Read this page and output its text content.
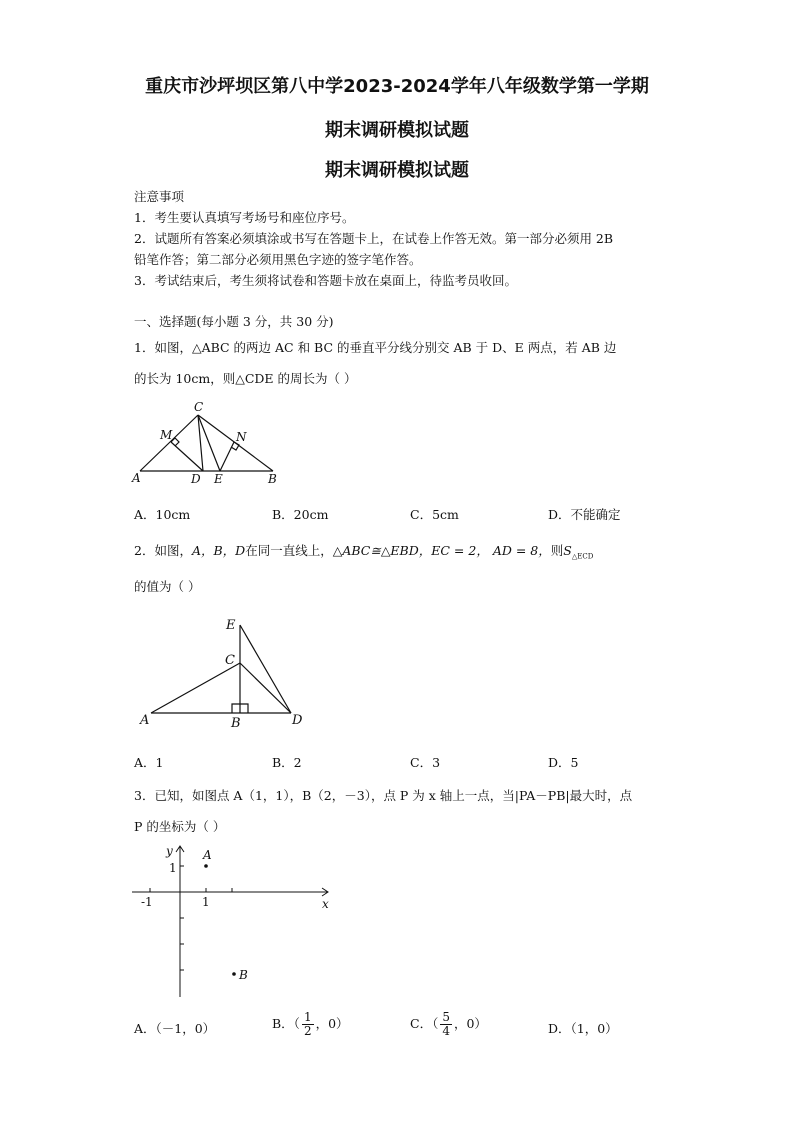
重庆市沙坪坝区第八中学2023-2024学年八年级数学第一学期
期末调研模拟试题
期末调研模拟试题
注意事项
1．考生要认真填写考场号和座位序号。
2．试题所有答案必须填涂或书写在答题卡上，在试卷上作答无效。第一部分必须用 2B
铅笔作答；第二部分必须用黑色字迹的签字笔作答。
3．考试结束后，考生须将试卷和答题卡放在桌面上，待监考员收回。
一、选择题(每小题 3 分，共 30 分)
1．如图，△ABC 的两边 AC 和 BC 的垂直平分线分别交 AB 于 D、E 两点，若 AB 边
的长为 10cm，则△CDE 的周长为（ ）
C
M	N
A	D E	B
A．10cm	B．20cm	C．5cm	D．不能确定
2．如图，A，B，D在同一直线上，△ABC≅△EBD，EC = 2， AD = 8，则$S_{\triangle ECD}$
的值为（ ）
E
C
A	B	D
A．1	B．2	C．3	D．5
3．已知，如图点 A（1，1），B（2，－3），点 P 为 x 轴上一点，当|PA－PB|最大时，点
P 的坐标为（ ）
y
1
A
-1	1	x
B
A．（－1，0）	B．（ $\frac{1}{2}$ ，0）	C．（ $\frac{5}{4}$ ，0）	D．（1，0）
